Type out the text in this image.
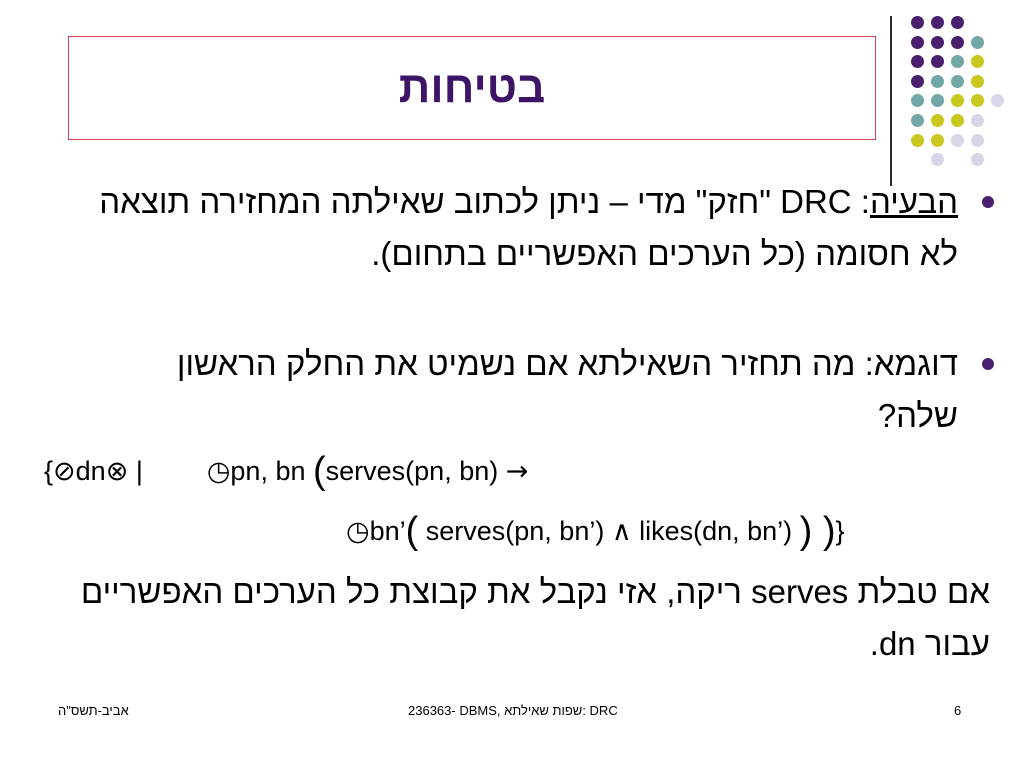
בטיחות
הבעיה: DRC "חזק" מדי – ניתן לכתוב שאילתה המחזירה תוצאה לא חסומה (כל הערכים האפשריים בתחום).
דוגמא: מה תחזיר השאילתא אם נשמיט את החלק הראשון שלה?
{⊘dn⊗ | ◷pn, bn (serves(pn, bn) →
◷bn’( serves(pn, bn’) ∧ likes(dn, bn’) ) )}
אם טבלת serves ריקה, אזי נקבל את קבוצת כל הערכים האפשריים עבור dn.
אביב-תשס"ה	236363- DBMS, שפות שאילתא: DRC	6
